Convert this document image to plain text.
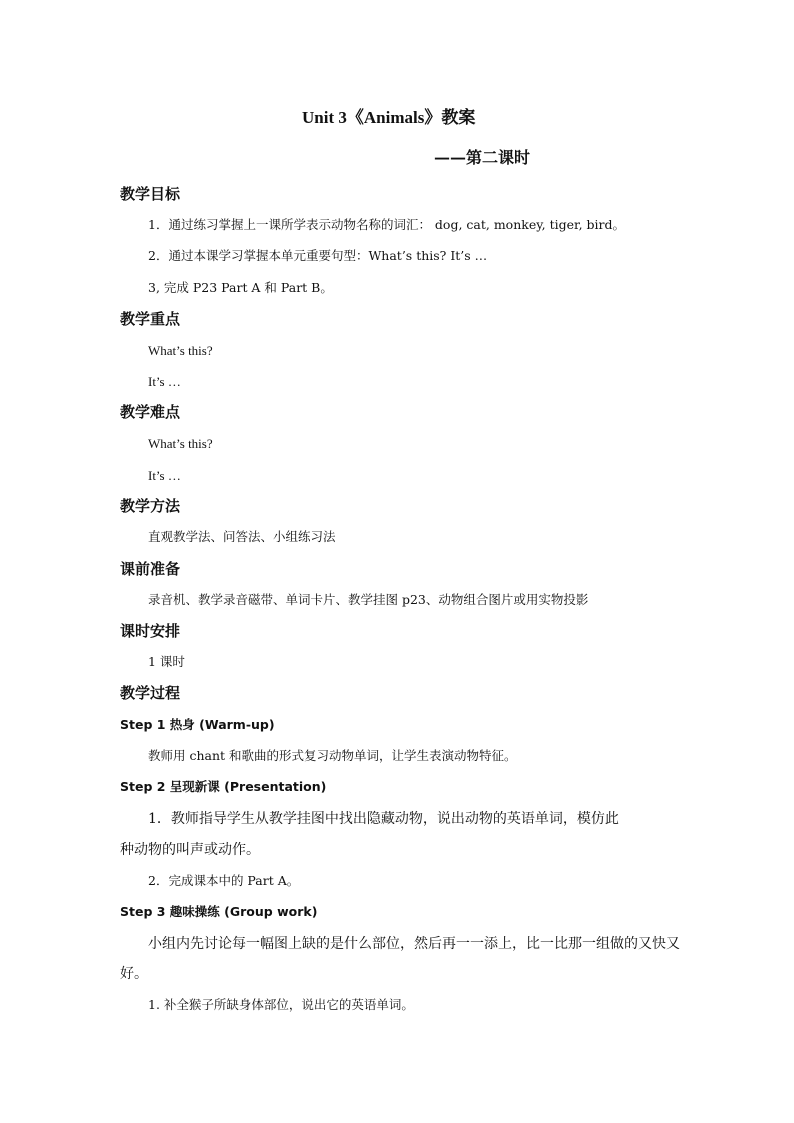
Unit 3《Animals》教案
——第二课时
教学目标
1．通过练习掌握上一课所学表示动物名称的词汇： dog, cat, monkey, tiger, bird。
2．通过本课学习掌握本单元重要句型：What’s this? It’s …
3, 完成 P23 Part A 和 Part B。
教学重点
What’s this?
It’s …
教学难点
What’s this?
It’s …
教学方法
直观教学法、问答法、小组练习法
课前准备
录音机、教学录音磁带、单词卡片、教学挂图 p23、动物组合图片或用实物投影
课时安排
1 课时
教学过程
Step 1 热身 (Warm-up)
教师用 chant 和歌曲的形式复习动物单词，让学生表演动物特征。
Step 2 呈现新课 (Presentation)
1．教师指导学生从教学挂图中找出隐藏动物，说出动物的英语单词，模仿此
种动物的叫声或动作。
2．完成课本中的 Part A。
Step 3 趣味操练 (Group work)
小组内先讨论每一幅图上缺的是什么部位，然后再一一添上，比一比那一组做的又快又
好。
1. 补全猴子所缺身体部位，说出它的英语单词。
